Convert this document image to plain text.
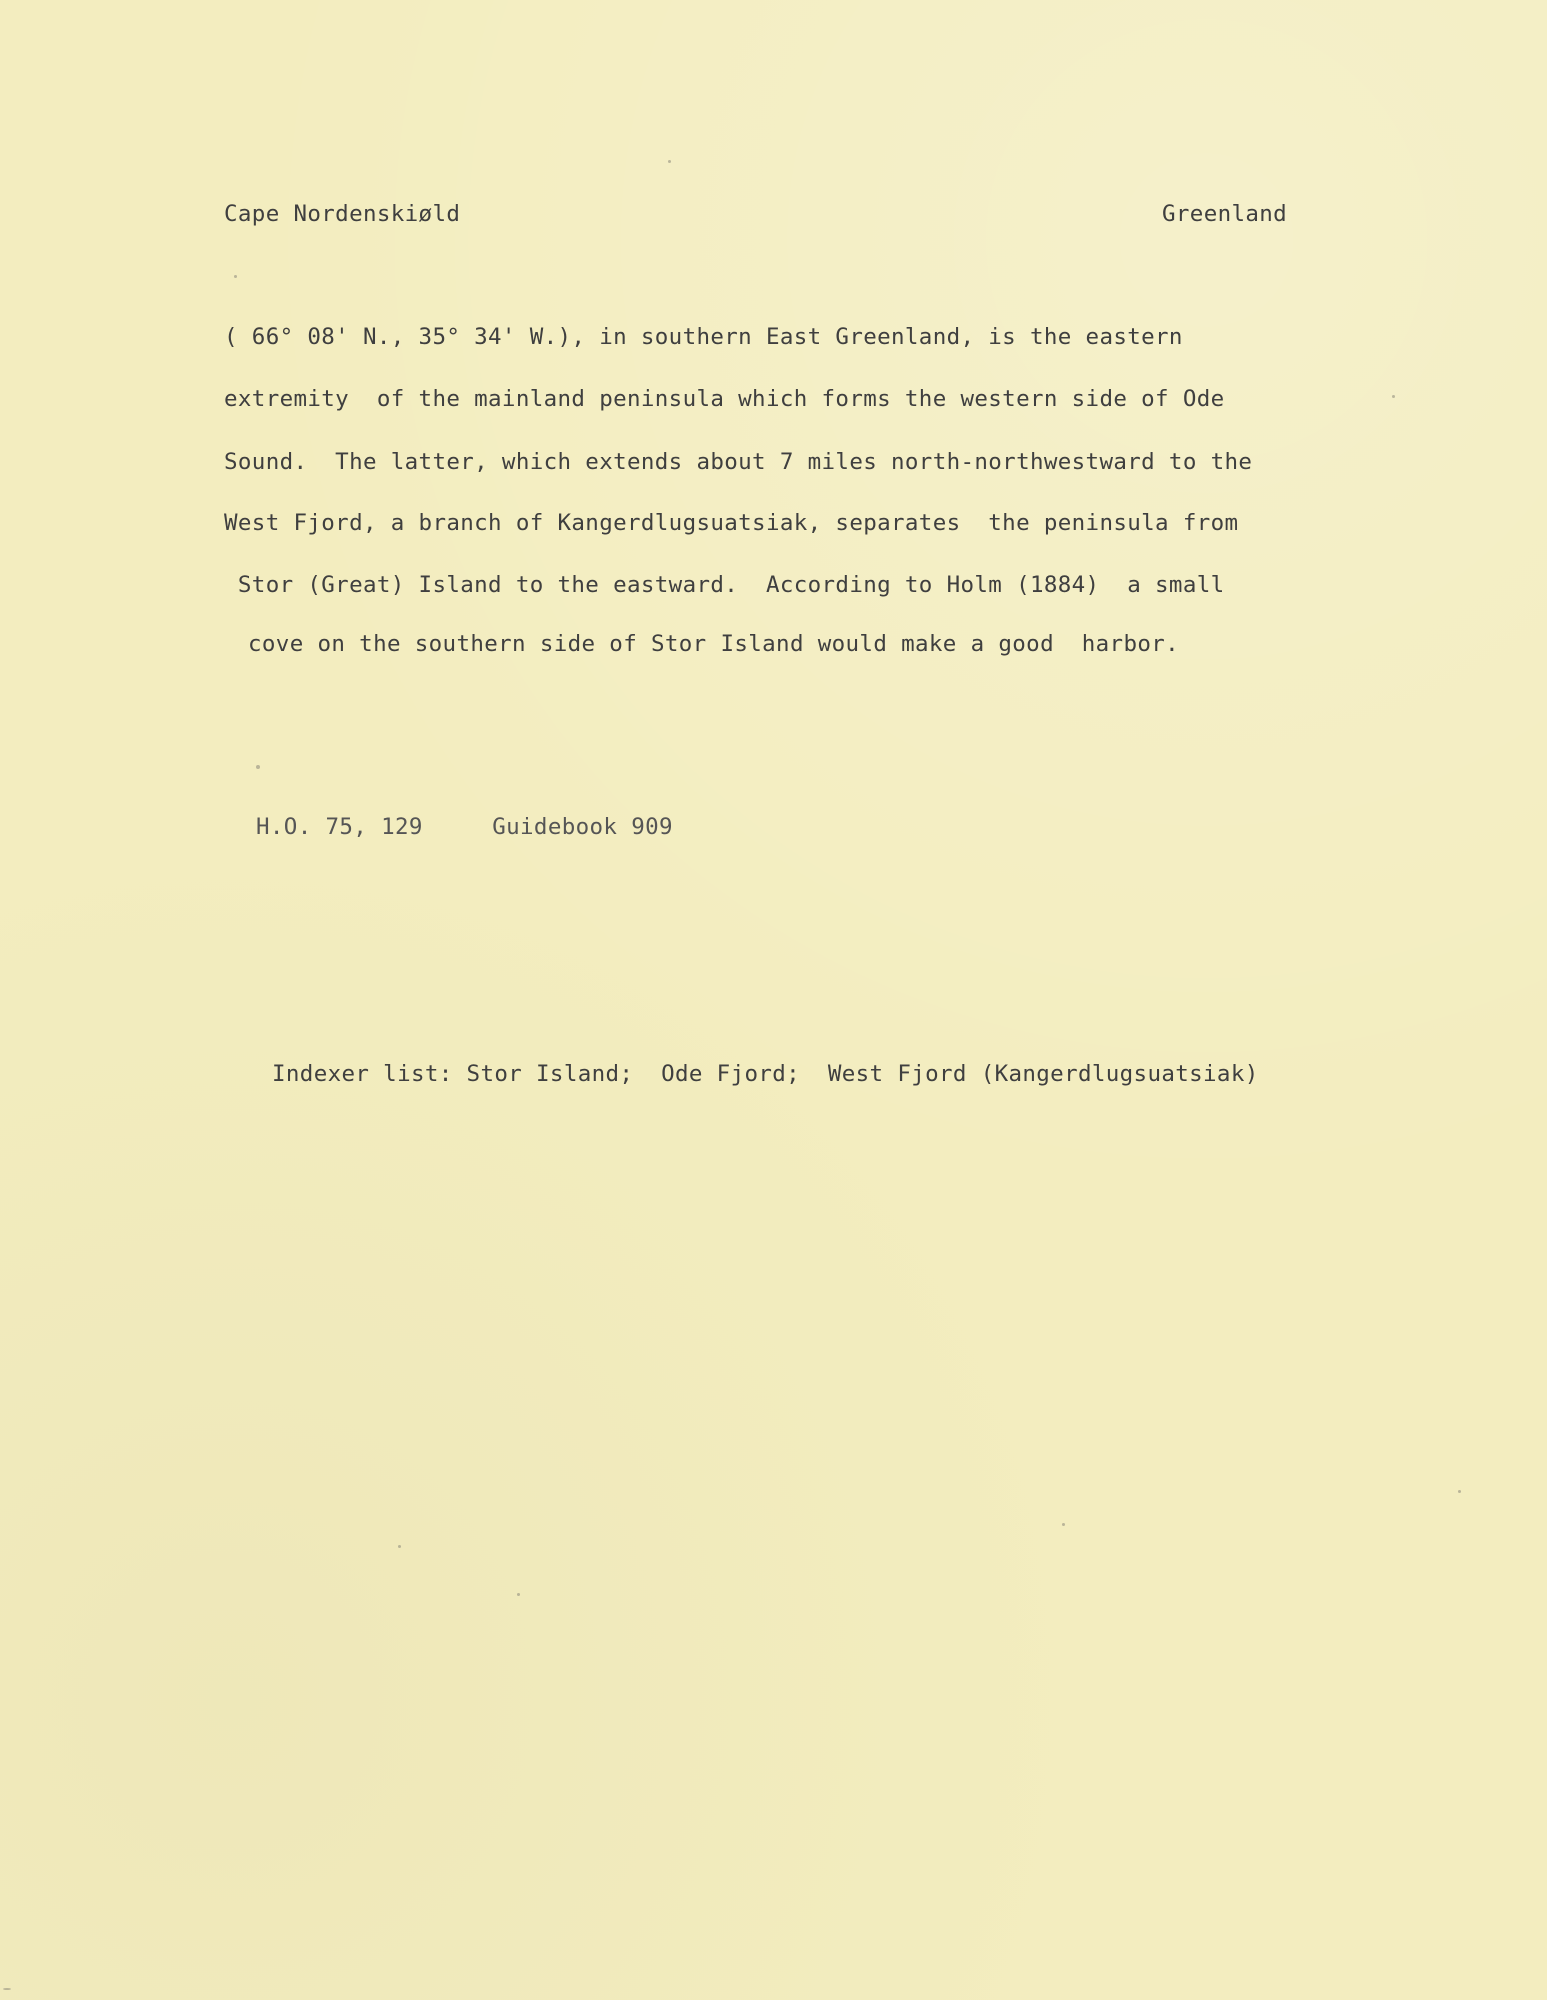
Cape Nordenskiøld	Greenland
( 66° 08' N., 35° 34' W.), in southern East Greenland, is the eastern
extremity  of the mainland peninsula which forms the western side of Ode
Sound.  The latter, which extends about 7 miles north-northwestward to the
West Fjord, a branch of Kangerdlugsuatsiak, separates  the peninsula from
Stor (Great) Island to the eastward.  According to Holm (1884)  a small
cove on the southern side of Stor Island would make a good  harbor.
H.O. 75, 129     Guidebook 909
Indexer list: Stor Island;  Ode Fjord;  West Fjord (Kangerdlugsuatsiak)
